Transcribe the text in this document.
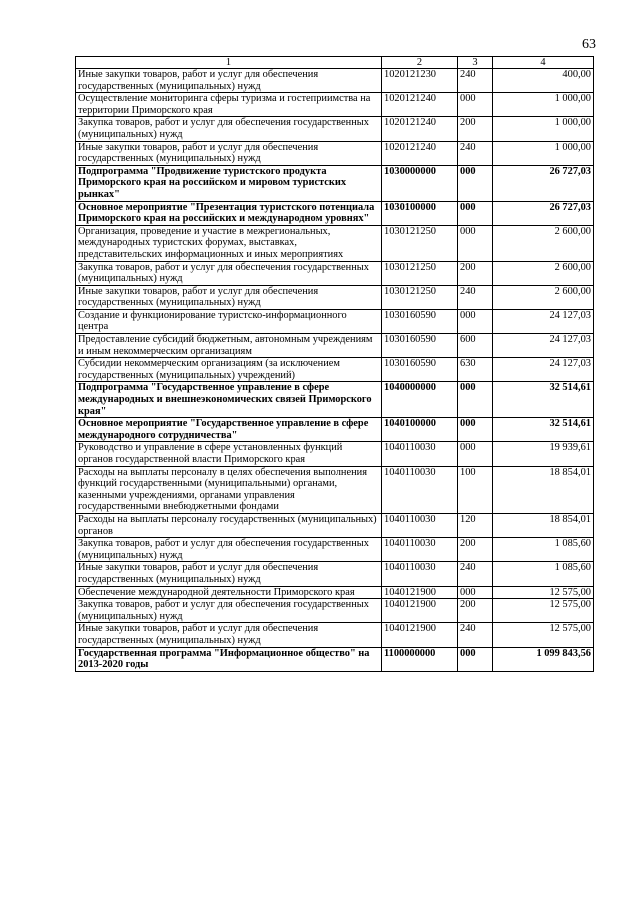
63
1	2	3	4
Иные закупки товаров, работ и услуг для обеспечения государственных (муниципальных) нужд	1020121230	240	400,00
Осуществление мониторинга сферы туризма и гостеприимства на территории Приморского края	1020121240	000	1 000,00
Закупка товаров, работ и услуг для обеспечения государственных (муниципальных) нужд	1020121240	200	1 000,00
Иные закупки товаров, работ и услуг для обеспечения государственных (муниципальных) нужд	1020121240	240	1 000,00
Подпрограмма "Продвижение туристского продукта Приморского края на российском и мировом туристских рынках"	1030000000	000	26 727,03
Основное мероприятие "Презентация туристского потенциала Приморского края на российских и международном уровнях"	1030100000	000	26 727,03
Организация, проведение и участие в межрегиональных, международных туристских форумах, выставках, представительских информационных и иных мероприятиях	1030121250	000	2 600,00
Закупка товаров, работ и услуг для обеспечения государственных (муниципальных) нужд	1030121250	200	2 600,00
Иные закупки товаров, работ и услуг для обеспечения государственных (муниципальных) нужд	1030121250	240	2 600,00
Создание и функционирование туристско-информационного центра	1030160590	000	24 127,03
Предоставление субсидий бюджетным, автономным учреждениям и иным некоммерческим организациям	1030160590	600	24 127,03
Субсидии некоммерческим организациям (за исключением государственных (муниципальных) учреждений)	1030160590	630	24 127,03
Подпрограмма "Государственное управление в сфере международных и внешнеэкономических связей Приморского края"	1040000000	000	32 514,61
Основное мероприятие "Государственное управление в сфере международного сотрудничества"	1040100000	000	32 514,61
Руководство и управление в сфере установленных функций органов государственной власти Приморского края	1040110030	000	19 939,61
Расходы на выплаты персоналу в целях обеспечения выполнения функций государственными (муниципальными) органами, казенными учреждениями, органами управления государственными внебюджетными фондами	1040110030	100	18 854,01
Расходы на выплаты персоналу государственных (муниципальных) органов	1040110030	120	18 854,01
Закупка товаров, работ и услуг для обеспечения государственных (муниципальных) нужд	1040110030	200	1 085,60
Иные закупки товаров, работ и услуг для обеспечения государственных (муниципальных) нужд	1040110030	240	1 085,60
Обеспечение международной деятельности Приморского края	1040121900	000	12 575,00
Закупка товаров, работ и услуг для обеспечения государственных (муниципальных) нужд	1040121900	200	12 575,00
Иные закупки товаров, работ и услуг для обеспечения государственных (муниципальных) нужд	1040121900	240	12 575,00
Государственная программа "Информационное общество" на 2013-2020 годы	1100000000	000	1 099 843,56
